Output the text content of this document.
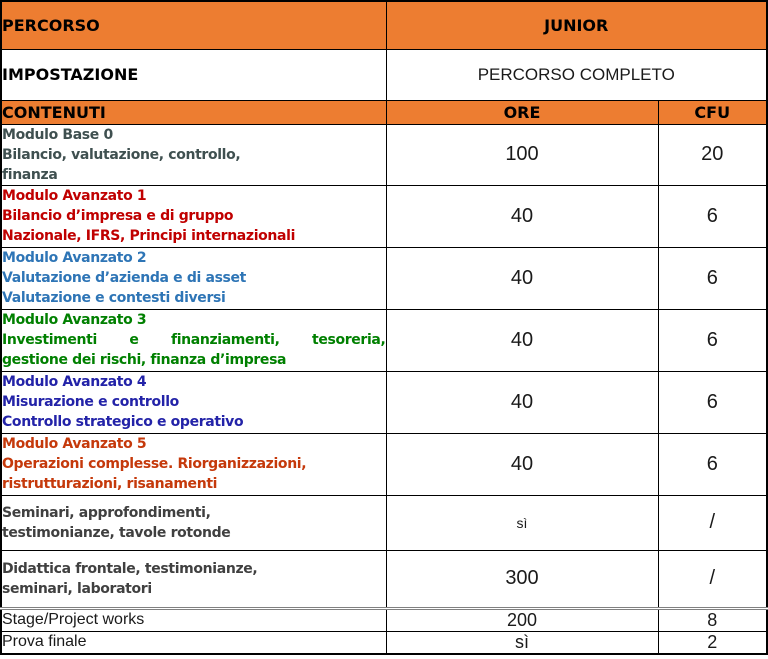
PERCORSO	JUNIOR	
IMPOSTAZIONE	PERCORSO COMPLETO	
CONTENUTI	ORE	CFU

Modulo Base 0
Bilancio, valutazione, controllo,
finanza	100	20

Modulo Avanzato 1
Bilancio d’impresa e di gruppo
Nazionale, IFRS, Principi internazionali	40	6

Modulo Avanzato 2
Valutazione d’azienda e di asset
Valutazione e contesti diversi	40	6

Modulo Avanzato 3
Investimenti e finanziamenti, tesoreria,
gestione dei rischi, finanza d’impresa	40	6

Modulo Avanzato 4
Misurazione e controllo
Controllo strategico e operativo	40	6

Modulo Avanzato 5
Operazioni complesse. Riorganizzazioni,
ristrutturazioni, risanamenti	40	6

Seminari, approfondimenti,
testimonianze, tavole rotonde	sì	/

Didattica frontale, testimonianze,
seminari, laboratori	300	/

Stage/Project works	200	8

Prova finale	sì	2
